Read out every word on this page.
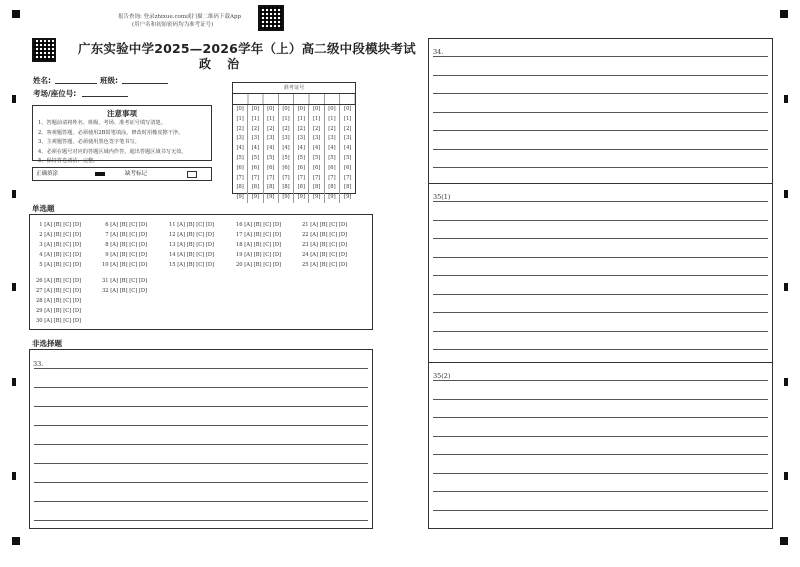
报告查询: 登录zhixue.com或扫描二维码下载App
(用户名和初始密码均为准考证号)
广东实验中学2025—2026学年（上）高二级中段模块考试
政 治
姓名:	班级:
考场/座位号:
准考证号
[0]
[1]
[2]
[3]
[4]
[5]
[6]
[7]
[8]
[9]
[0]
[1]
[2]
[3]
[4]
[5]
[6]
[7]
[8]
[9]
[0]
[1]
[2]
[3]
[4]
[5]
[6]
[7]
[8]
[9]
[0]
[1]
[2]
[3]
[4]
[5]
[6]
[7]
[8]
[9]
[0]
[1]
[2]
[3]
[4]
[5]
[6]
[7]
[8]
[9]
[0]
[1]
[2]
[3]
[4]
[5]
[6]
[7]
[8]
[9]
[0]
[1]
[2]
[3]
[4]
[5]
[6]
[7]
[8]
[9]
[0]
[1]
[2]
[3]
[4]
[5]
[6]
[7]
[8]
[9]
注意事项
1、答题前请将姓名、班级、考场、准考证号填写清楚。
2、客观题答题，必须使用2B铅笔填涂，修改时用橡皮擦干净。
3、主观题答题，必须使用黑色签字笔书写。
4、必须在题号对应的答题区域内作答，超出答题区域书写无效。
5、保持答卷清洁、完整。
正确填涂	缺考标记
单选题
 1 [A] [B] [C] [D]
 2 [A] [B] [C] [D]
 3 [A] [B] [C] [D]
 4 [A] [B] [C] [D]
 5 [A] [B] [C] [D]
 6 [A] [B] [C] [D]
 7 [A] [B] [C] [D]
 8 [A] [B] [C] [D]
 9 [A] [B] [C] [D]
10 [A] [B] [C] [D]
11 [A] [B] [C] [D]
12 [A] [B] [C] [D]
13 [A] [B] [C] [D]
14 [A] [B] [C] [D]
15 [A] [B] [C] [D]
16 [A] [B] [C] [D]
17 [A] [B] [C] [D]
18 [A] [B] [C] [D]
19 [A] [B] [C] [D]
20 [A] [B] [C] [D]
21 [A] [B] [C] [D]
22 [A] [B] [C] [D]
23 [A] [B] [C] [D]
24 [A] [B] [C] [D]
25 [A] [B] [C] [D]
26 [A] [B] [C] [D]
27 [A] [B] [C] [D]
28 [A] [B] [C] [D]
29 [A] [B] [C] [D]
30 [A] [B] [C] [D]
31 [A] [B] [C] [D]
32 [A] [B] [C] [D]
非选择题
33.
34.
35(1)
35(2)
